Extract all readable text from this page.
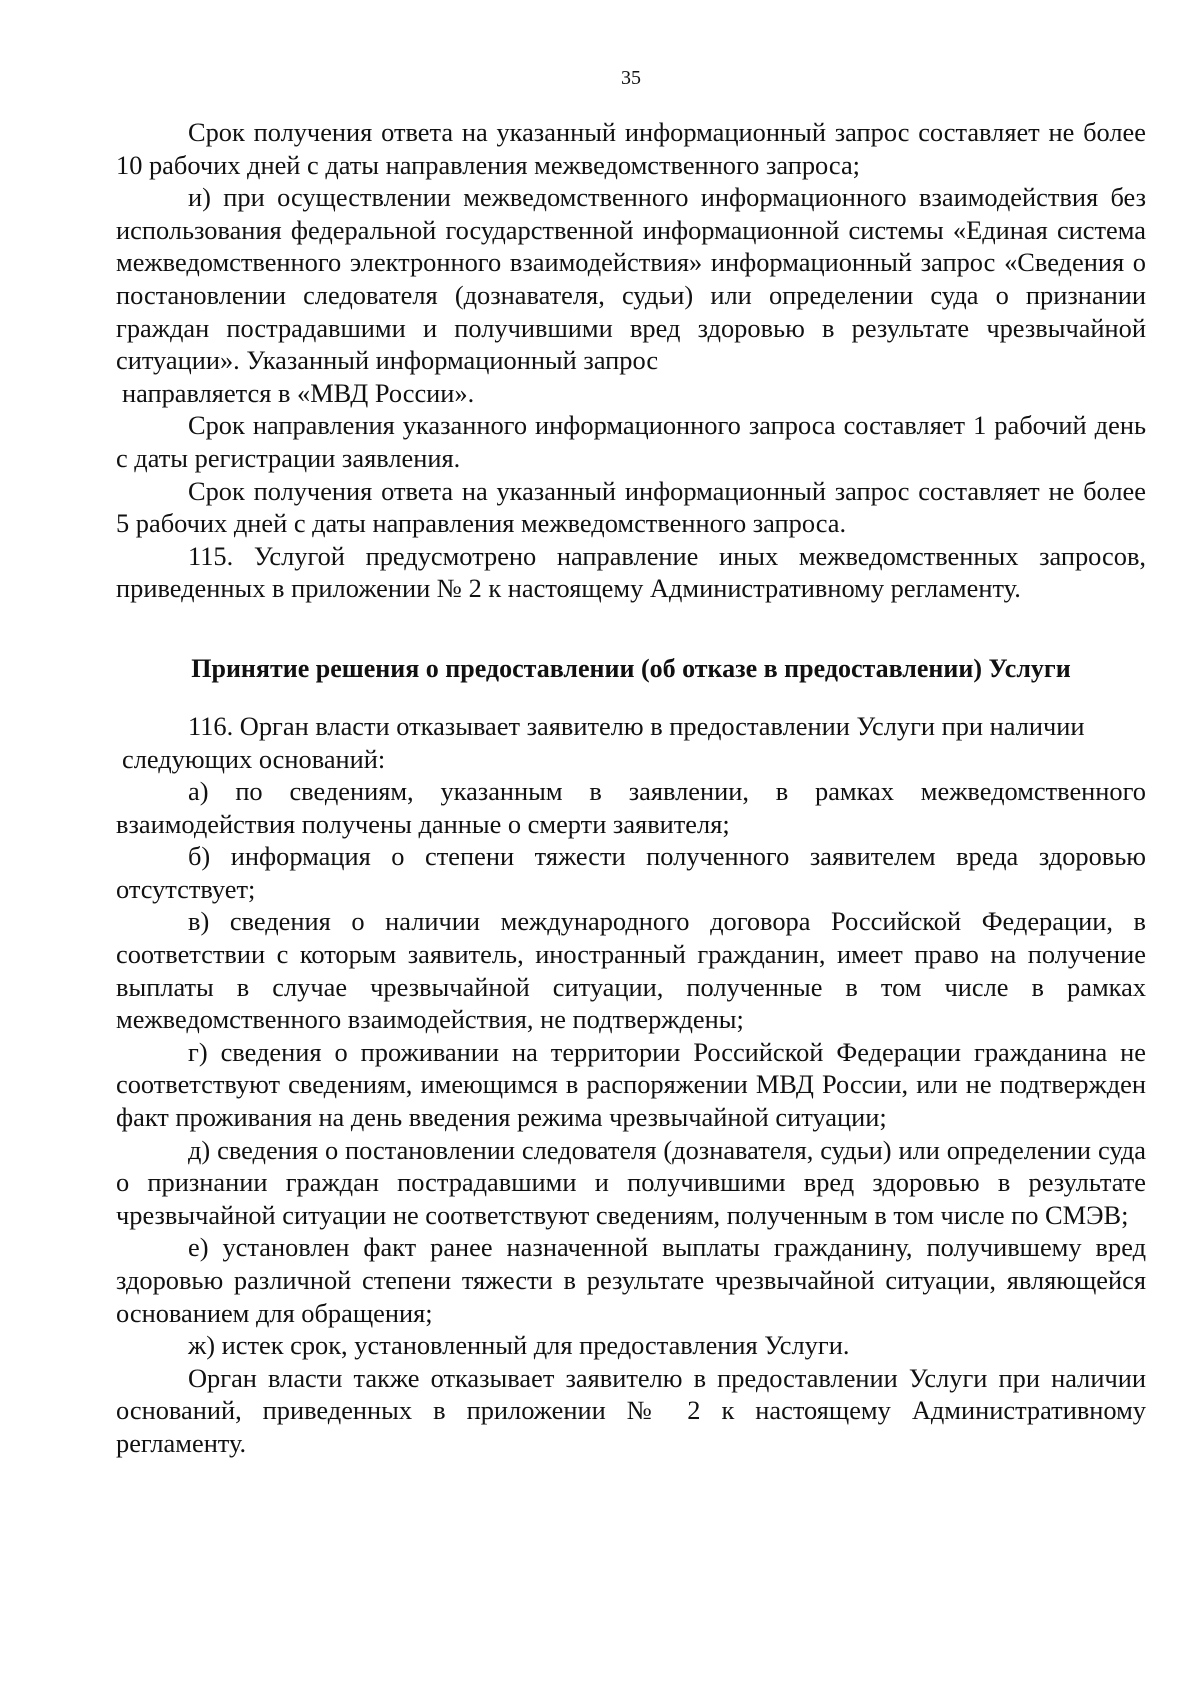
35

Срок получения ответа на указанный информационный запрос составляет не более 10 рабочих дней с даты направления межведомственного запроса;

и) при осуществлении межведомственного информационного взаимодействия без использования федеральной государственной информационной системы «Единая система межведомственного электронного взаимодействия» информационный запрос «Сведения о постановлении следователя (дознавателя, судьи) или определении суда о признании граждан пострадавшими и получившими вред здоровью в результате чрезвычайной ситуации». Указанный информационный запрос

направляется в «МВД России».

Срок направления указанного информационного запроса составляет 1 рабочий день с даты регистрации заявления.

Срок получения ответа на указанный информационный запрос составляет не более 5 рабочих дней с даты направления межведомственного запроса.

115. Услугой предусмотрено направление иных межведомственных запросов, приведенных в приложении № 2 к настоящему Административному регламенту.

Принятие решения о предоставлении (об отказе в предоставлении) Услуги

116. Орган власти отказывает заявителю в предоставлении Услуги при наличии

следующих оснований:

а) по сведениям, указанным в заявлении, в рамках межведомственного взаимодействия получены данные о смерти заявителя;

б) информация о степени тяжести полученного заявителем вреда здоровью отсутствует;

в) сведения о наличии международного договора Российской Федерации, в соответствии с которым заявитель, иностранный гражданин, имеет право на получение выплаты в случае чрезвычайной ситуации, полученные в том числе в рамках межведомственного взаимодействия, не подтверждены;

г) сведения о проживании на территории Российской Федерации гражданина не соответствуют сведениям, имеющимся в распоряжении МВД России, или не подтвержден факт проживания на день введения режима чрезвычайной ситуации;

д) сведения о постановлении следователя (дознавателя, судьи) или определении суда о признании граждан пострадавшими и получившими вред здоровью в результате чрезвычайной ситуации не соответствуют сведениям, полученным в том числе по СМЭВ;

е) установлен факт ранее назначенной выплаты гражданину, получившему вред здоровью различной степени тяжести в результате чрезвычайной ситуации, являющейся основанием для обращения;

ж) истек срок, установленный для предоставления Услуги.

Орган власти также отказывает заявителю в предоставлении Услуги при наличии оснований, приведенных в приложении № 2 к настоящему Административному регламенту.
